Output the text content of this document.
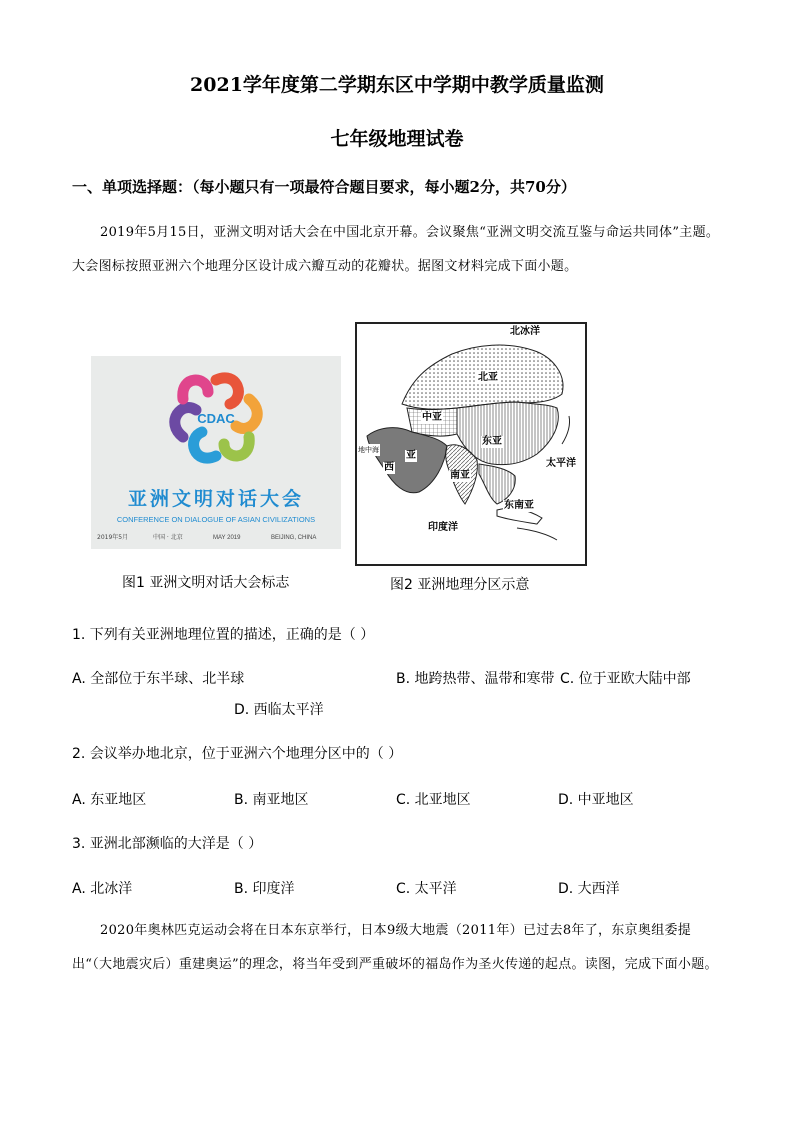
2021学年度第二学期东区中学期中教学质量监测
七年级地理试卷
一、单项选择题：（每小题只有一项最符合题目要求，每小题2分，共70分）
2019年5月15日，亚洲文明对话大会在中国北京开幕。会议聚焦“亚洲文明交流互鉴与命运共同体”主题。大会图标按照亚洲六个地理分区设计成六瓣互动的花瓣状。据图文材料完成下面小题。
CDAC
亚洲文明对话大会
CONFERENCE ON DIALOGUE OF ASIAN CIVILIZATIONS
2019年5月	中国 · 北京	MAY 2019	BEIJING, CHINA
图1 亚洲文明对话大会标志
北冰洋
北亚
中亚
东亚
地中海
西
亚
南亚
太平洋
东南亚
印度洋
图2 亚洲地理分区示意
1. 下列有关亚洲地理位置的描述，正确的是（ ）
A. 全部位于东半球、北半球	B. 地跨热带、温带和寒带 C. 位于亚欧大陆中部
D. 西临太平洋
2. 会议举办地北京，位于亚洲六个地理分区中的（ ）
A. 东亚地区	B. 南亚地区	C. 北亚地区	D. 中亚地区
3. 亚洲北部濒临的大洋是（ ）
A. 北冰洋	B. 印度洋	C. 太平洋	D. 大西洋
2020年奥林匹克运动会将在日本东京举行，日本9级大地震（2011年）已过去8年了，东京奥组委提出“（大地震灾后）重建奥运”的理念，将当年受到严重破坏的福岛作为圣火传递的起点。读图，完成下面小题。
